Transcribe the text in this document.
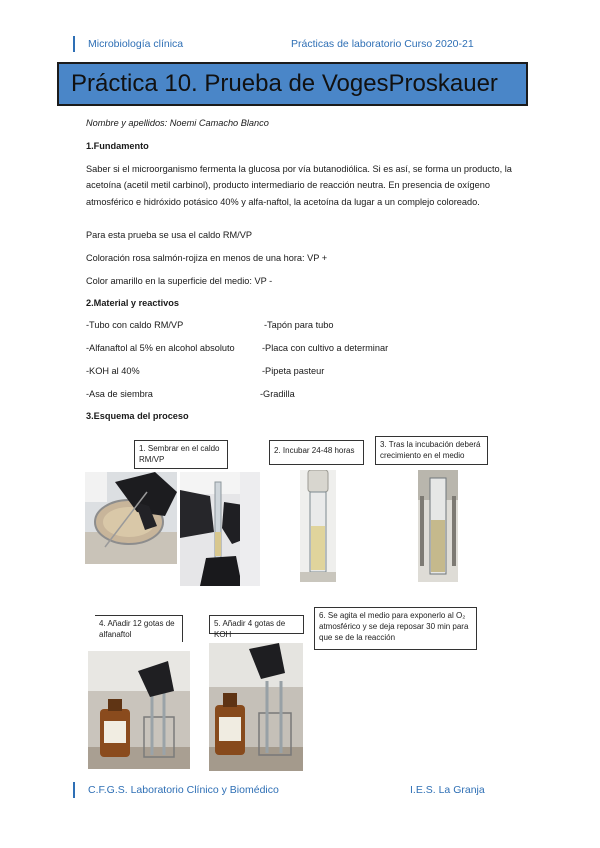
Microbiología clínica	Prácticas de laboratorio Curso 2020-21
Práctica 10. Prueba de VogesProskauer
Nombre y apellidos: Noemi Camacho Blanco
1.Fundamento
Saber si el microorganismo fermenta la glucosa por vía butanodiólica. Si es así, se forma un producto, la acetoína (acetil metil carbinol), producto intermediario de reacción neutra. En presencia de oxígeno atmosférico e hidróxido potásico 40% y alfa-naftol, la acetoína da lugar a un complejo coloreado.
Para esta prueba se usa el caldo RM/VP
Coloración rosa salmón-rojiza en menos de una hora: VP +
Color amarillo en la superficie del medio: VP -
2.Material y reactivos
-Tubo con caldo RM/VP	-Tapón para tubo
-Alfanaftol al 5% en alcohol absoluto	-Placa con cultivo a determinar
-KOH al 40%	-Pipeta pasteur
-Asa de siembra	-Gradilla
3.Esquema del proceso
1. Sembrar en el caldo RM/VP
2. Incubar 24-48 horas
3. Tras la incubación deberá crecimiento en el medio
4. Añadir 12 gotas de alfanaftol
5. Añadir 4 gotas de KOH
6. Se agita el medio para exponerlo al O₂ atmosférico y se deja reposar 30 min para que se de la reacción
C.F.G.S. Laboratorio Clínico y Biomédico	I.E.S. La Granja
